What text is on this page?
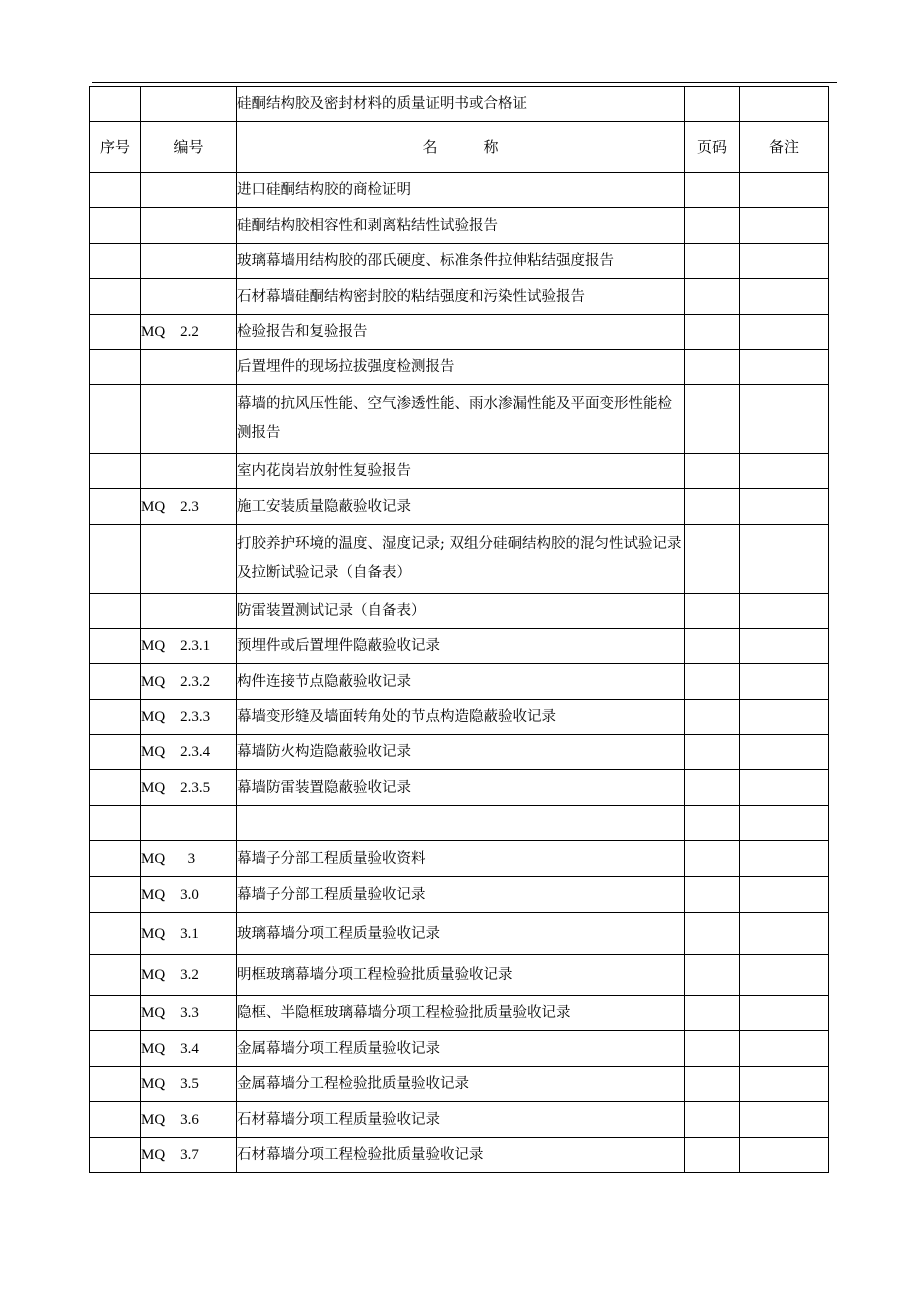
		硅酮结构胶及密封材料的质量证明书或合格证		
序号	编号	名 称	页码	备注
		进口硅酮结构胶的商检证明		
		硅酮结构胶相容性和剥离粘结性试验报告		
		玻璃幕墙用结构胶的邵氏硬度、标准条件拉伸粘结强度报告		
		石材幕墙硅酮结构密封胶的粘结强度和污染性试验报告		
	MQ    2.2	检验报告和复验报告		
		后置埋件的现场拉拔强度检测报告		
		幕墙的抗风压性能、空气渗透性能、雨水渗漏性能及平面变形性能检测报告		
		室内花岗岩放射性复验报告		
	MQ    2.3	施工安装质量隐蔽验收记录		
		打胶养护环境的温度、湿度记录; 双组分硅硐结构胶的混匀性试验记录及拉断试验记录（自备表）		
		防雷装置测试记录（自备表）		
	MQ    2.3.1	预埋件或后置埋件隐蔽验收记录		
	MQ    2.3.2	构件连接节点隐蔽验收记录		
	MQ    2.3.3	幕墙变形缝及墙面转角处的节点构造隐蔽验收记录		
	MQ    2.3.4	幕墙防火构造隐蔽验收记录		
	MQ    2.3.5	幕墙防雷装置隐蔽验收记录		

	MQ      3	幕墙子分部工程质量验收资料		
	MQ    3.0	幕墙子分部工程质量验收记录		
	MQ    3.1	玻璃幕墙分项工程质量验收记录		
	MQ    3.2	明框玻璃幕墙分项工程检验批质量验收记录		
	MQ    3.3	隐框、半隐框玻璃幕墙分项工程检验批质量验收记录		
	MQ    3.4	金属幕墙分项工程质量验收记录		
	MQ    3.5	金属幕墙分工程检验批质量验收记录		
	MQ    3.6	石材幕墙分项工程质量验收记录		
	MQ    3.7	石材幕墙分项工程检验批质量验收记录		
